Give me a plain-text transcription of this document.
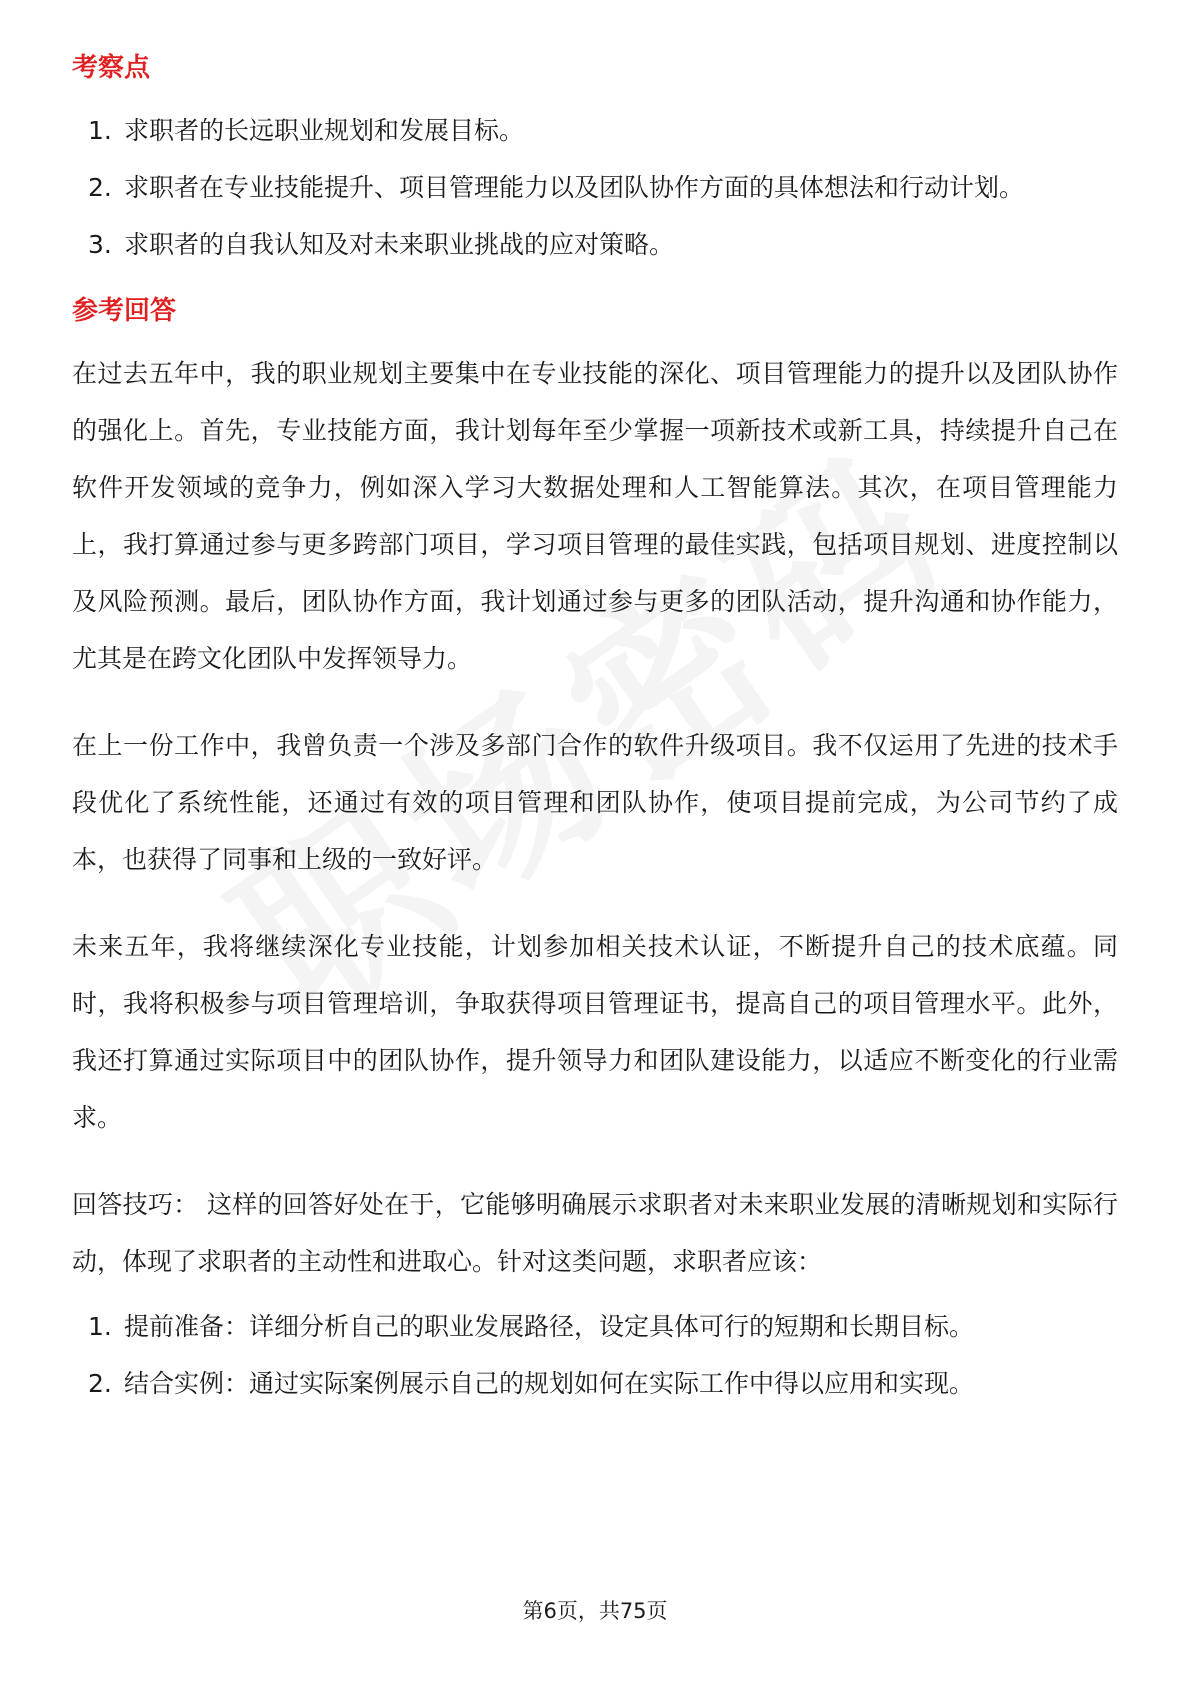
考察点
1. 求职者的长远职业规划和发展目标。
2. 求职者在专业技能提升、项目管理能力以及团队协作方面的具体想法和行动计划。
3. 求职者的自我认知及对未来职业挑战的应对策略。
参考回答

在过去五年中，我的职业规划主要集中在专业技能的深化、项目管理能力的提升以及团队协作的强化上。首先，专业技能方面，我计划每年至少掌握一项新技术或新工具，持续提升自己在软件开发领域的竞争力，例如深入学习大数据处理和人工智能算法。其次，在项目管理能力上，我打算通过参与更多跨部门项目，学习项目管理的最佳实践，包括项目规划、进度控制以及风险预测。最后，团队协作方面，我计划通过参与更多的团队活动，提升沟通和协作能力，尤其是在跨文化团队中发挥领导力。

在上一份工作中，我曾负责一个涉及多部门合作的软件升级项目。我不仅运用了先进的技术手段优化了系统性能，还通过有效的项目管理和团队协作，使项目提前完成，为公司节约了成本，也获得了同事和上级的一致好评。

未来五年，我将继续深化专业技能，计划参加相关技术认证，不断提升自己的技术底蕴。同时，我将积极参与项目管理培训，争取获得项目管理证书，提高自己的项目管理水平。此外，我还打算通过实际项目中的团队协作，提升领导力和团队建设能力，以适应不断变化的行业需求。

回答技巧： 这样的回答好处在于，它能够明确展示求职者对未来职业发展的清晰规划和实际行动，体现了求职者的主动性和进取心。针对这类问题，求职者应该：

1. 提前准备：详细分析自己的职业发展路径，设定具体可行的短期和长期目标。
2. 结合实例：通过实际案例展示自己的规划如何在实际工作中得以应用和实现。
第6页，共75页
